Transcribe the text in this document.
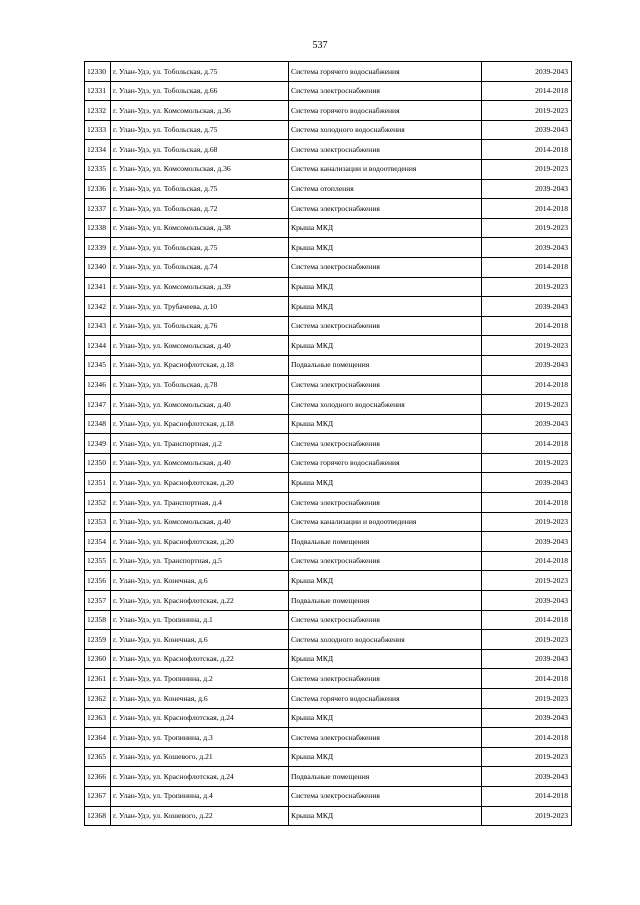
537
12330	г. Улан-Удэ, ул. Тобольская, д.75	Система горячего водоснабжения	2039-2043
12331	г. Улан-Удэ, ул. Тобольская, д.66	Система электроснабжения	2014-2018
12332	г. Улан-Удэ, ул. Комсомольская, д.36	Система горячего водоснабжения	2019-2023
12333	г. Улан-Удэ, ул. Тобольская, д.75	Система холодного водоснабжения	2039-2043
12334	г. Улан-Удэ, ул. Тобольская, д.68	Система электроснабжения	2014-2018
12335	г. Улан-Удэ, ул. Комсомольская, д.36	Система канализации и водоотведения	2019-2023
12336	г. Улан-Удэ, ул. Тобольская, д.75	Система отопления	2039-2043
12337	г. Улан-Удэ, ул. Тобольская, д.72	Система электроснабжения	2014-2018
12338	г. Улан-Удэ, ул. Комсомольская, д.38	Крыша МКД	2019-2023
12339	г. Улан-Удэ, ул. Тобольская, д.75	Крыша МКД	2039-2043
12340	г. Улан-Удэ, ул. Тобольская, д.74	Система электроснабжения	2014-2018
12341	г. Улан-Удэ, ул. Комсомольская, д.39	Крыша МКД	2019-2023
12342	г. Улан-Удэ, ул. Трубачеева, д.10	Крыша МКД	2039-2043
12343	г. Улан-Удэ, ул. Тобольская, д.76	Система электроснабжения	2014-2018
12344	г. Улан-Удэ, ул. Комсомольская, д.40	Крыша МКД	2019-2023
12345	г. Улан-Удэ, ул. Краснофлотская, д.18	Подвальные помещения	2039-2043
12346	г. Улан-Удэ, ул. Тобольская, д.78	Система электроснабжения	2014-2018
12347	г. Улан-Удэ, ул. Комсомольская, д.40	Система холодного водоснабжения	2019-2023
12348	г. Улан-Удэ, ул. Краснофлотская, д.18	Крыша МКД	2039-2043
12349	г. Улан-Удэ, ул. Транспортная, д.2	Система электроснабжения	2014-2018
12350	г. Улан-Удэ, ул. Комсомольская, д.40	Система горячего водоснабжения	2019-2023
12351	г. Улан-Удэ, ул. Краснофлотская, д.20	Крыша МКД	2039-2043
12352	г. Улан-Удэ, ул. Транспортная, д.4	Система электроснабжения	2014-2018
12353	г. Улан-Удэ, ул. Комсомольская, д.40	Система канализации и водоотведения	2019-2023
12354	г. Улан-Удэ, ул. Краснофлотская, д.20	Подвальные помещения	2039-2043
12355	г. Улан-Удэ, ул. Транспортная, д.5	Система электроснабжения	2014-2018
12356	г. Улан-Удэ, ул. Конечная, д.6	Крыша МКД	2019-2023
12357	г. Улан-Удэ, ул. Краснофлотская, д.22	Подвальные помещения	2039-2043
12358	г. Улан-Удэ, ул. Тропинина, д.1	Система электроснабжения	2014-2018
12359	г. Улан-Удэ, ул. Конечная, д.6	Система холодного водоснабжения	2019-2023
12360	г. Улан-Удэ, ул. Краснофлотская, д.22	Крыша МКД	2039-2043
12361	г. Улан-Удэ, ул. Тропинина, д.2	Система электроснабжения	2014-2018
12362	г. Улан-Удэ, ул. Конечная, д.6	Система горячего водоснабжения	2019-2023
12363	г. Улан-Удэ, ул. Краснофлотская, д.24	Крыша МКД	2039-2043
12364	г. Улан-Удэ, ул. Тропинина, д.3	Система электроснабжения	2014-2018
12365	г. Улан-Удэ, ул. Кошевого, д.21	Крыша МКД	2019-2023
12366	г. Улан-Удэ, ул. Краснофлотская, д.24	Подвальные помещения	2039-2043
12367	г. Улан-Удэ, ул. Тропинина, д.4	Система электроснабжения	2014-2018
12368	г. Улан-Удэ, ул. Кошевого, д.22	Крыша МКД	2019-2023
